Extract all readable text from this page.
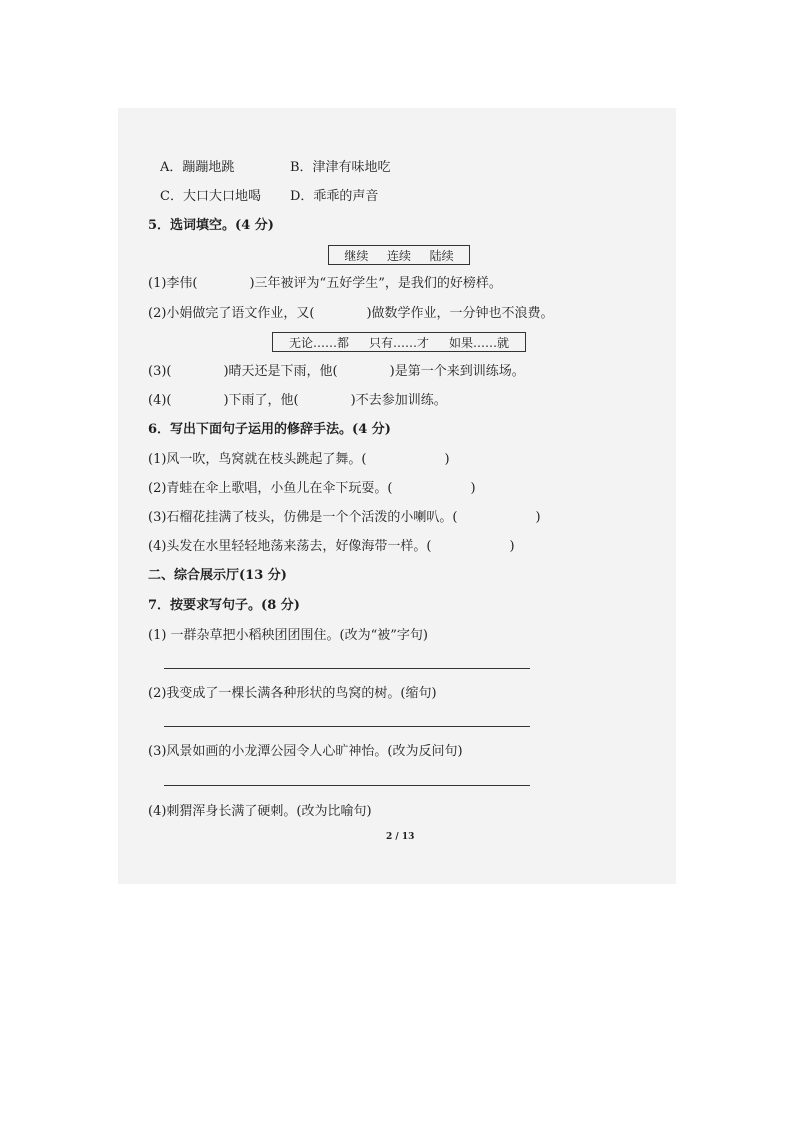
A．蹦蹦地跳	B．津津有味地吃
C．大口大口地喝 D．乖乖的声音
5．选词填空。(4 分)
继续 连续 陆续
(1)李伟(　　　　)三年被评为“五好学生”，是我们的好榜样。
(2)小娟做完了语文作业，又(　　　　)做数学作业，一分钟也不浪费。
无论……都 只有……才 如果……就
(3)(　　　　)晴天还是下雨，他(　　　　)是第一个来到训练场。
(4)(　　　　)下雨了，他(　　　　)不去参加训练。
6．写出下面句子运用的修辞手法。(4 分)
(1)风一吹，鸟窝就在枝头跳起了舞。(　　　　　　)
(2)青蛙在伞上歌唱，小鱼儿在伞下玩耍。(　　　　　　)
(3)石榴花挂满了枝头，仿佛是一个个活泼的小喇叭。(　　　　　　)
(4)头发在水里轻轻地荡来荡去，好像海带一样。(　　　　　　)
二、综合展示厅(13 分)
7．按要求写句子。(8 分)
(1) 一群杂草把小稻秧团团围住。(改为“被”字句)
(2)我变成了一棵长满各种形状的鸟窝的树。(缩句)
(3)风景如画的小龙潭公园令人心旷神怡。(改为反问句)
(4)刺猬浑身长满了硬刺。(改为比喻句)
2 / 13
